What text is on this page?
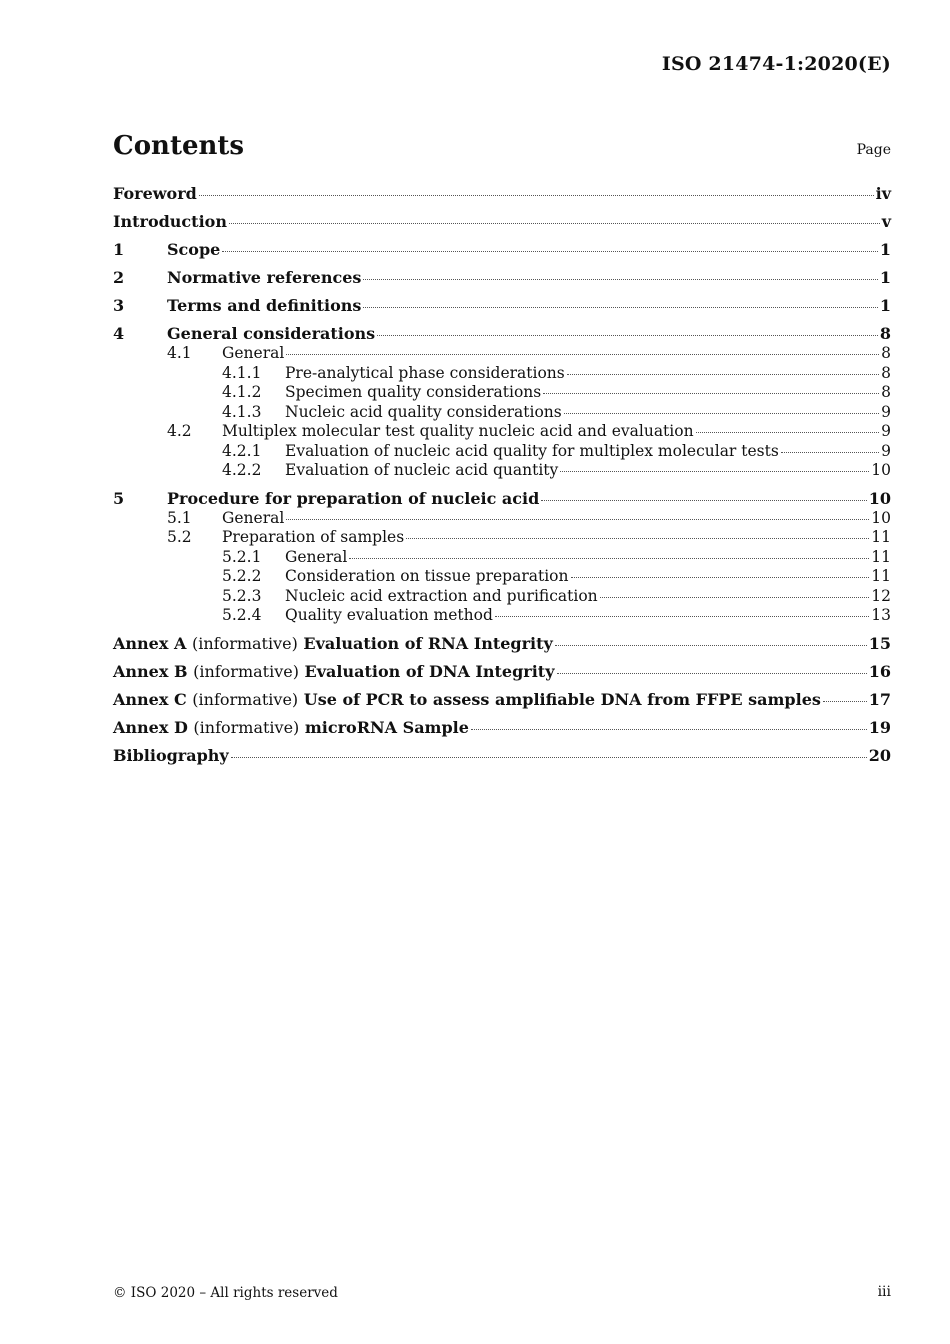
ISO 21474-1:2020(E)
Contents	Page
Foreword	iv
Introduction	v
1	Scope	1
2	Normative references	1
3	Terms and definitions	1
4	General considerations	8
4.1	General	8
4.1.1	Pre-analytical phase considerations	8
4.1.2	Specimen quality considerations	8
4.1.3	Nucleic acid quality considerations	9
4.2	Multiplex molecular test quality nucleic acid and evaluation	9
4.2.1	Evaluation of nucleic acid quality for multiplex molecular tests	9
4.2.2	Evaluation of nucleic acid quantity	10
5	Procedure for preparation of nucleic acid	10
5.1	General	10
5.2	Preparation of samples	11
5.2.1	General	11
5.2.2	Consideration on tissue preparation	11
5.2.3	Nucleic acid extraction and purification	12
5.2.4	Quality evaluation method	13
Annex A (informative) Evaluation of RNA Integrity	15
Annex B (informative) Evaluation of DNA Integrity	16
Annex C (informative) Use of PCR to assess amplifiable DNA from FFPE samples	17
Annex D (informative) microRNA Sample	19
Bibliography	20
© ISO 2020 – All rights reserved	iii
